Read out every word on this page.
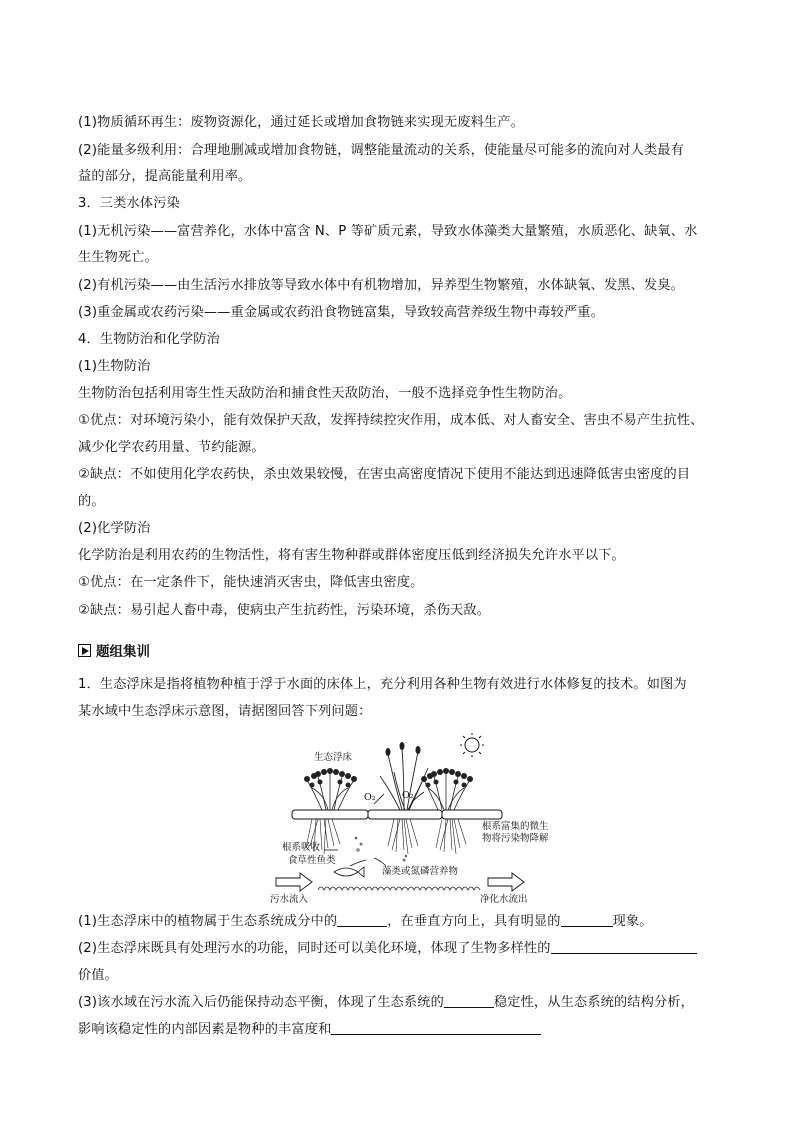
(1)物质循环再生：废物资源化，通过延长或增加食物链来实现无废料生产。
(2)能量多级利用：合理地删减或增加食物链，调整能量流动的关系，使能量尽可能多的流向对人类最有
益的部分，提高能量利用率。
3．三类水体污染
(1)无机污染——富营养化，水体中富含 N、P 等矿质元素，导致水体藻类大量繁殖，水质恶化、缺氧、水
生生物死亡。
(2)有机污染——由生活污水排放等导致水体中有机物增加，异养型生物繁殖，水体缺氧、发黑、发臭。
(3)重金属或农药污染——重金属或农药沿食物链富集，导致较高营养级生物中毒较严重。
4．生物防治和化学防治
(1)生物防治
生物防治包括利用寄生性天敌防治和捕食性天敌防治，一般不选择竞争性生物防治。
①优点：对环境污染小，能有效保护天敌，发挥持续控灾作用，成本低、对人畜安全、害虫不易产生抗性、
减少化学农药用量、节约能源。
②缺点：不如使用化学农药快，杀虫效果较慢，在害虫高密度情况下使用不能达到迅速降低害虫密度的目
的。
(2)化学防治
化学防治是利用农药的生物活性，将有害生物种群或群体密度压低到经济损失允许水平以下。
①优点：在一定条件下，能快速消灭害虫，降低害虫密度。
②缺点：易引起人畜中毒，使病虫产生抗药性，污染环境，杀伤天敌。
题组集训
1．生态浮床是指将植物种植于浮于水面的床体上，充分利用各种生物有效进行水体修复的技术。如图为
某水域中生态浮床示意图，请据图回答下列问题：
生态浮床
O₂	O₂
根系富集的微生
物将污染物降解
根系吸收
食草性鱼类
藻类或氮磷营养物
污水流入	净化水流出
(1)生态浮床中的植物属于生态系统成分中的	，在垂直方向上，具有明显的	现象。
(2)生态浮床既具有处理污水的功能，同时还可以美化环境，体现了生物多样性的
价值。
(3)该水域在污水流入后仍能保持动态平衡，体现了生态系统的	稳定性，从生态系统的结构分析，
影响该稳定性的内部因素是物种的丰富度和
